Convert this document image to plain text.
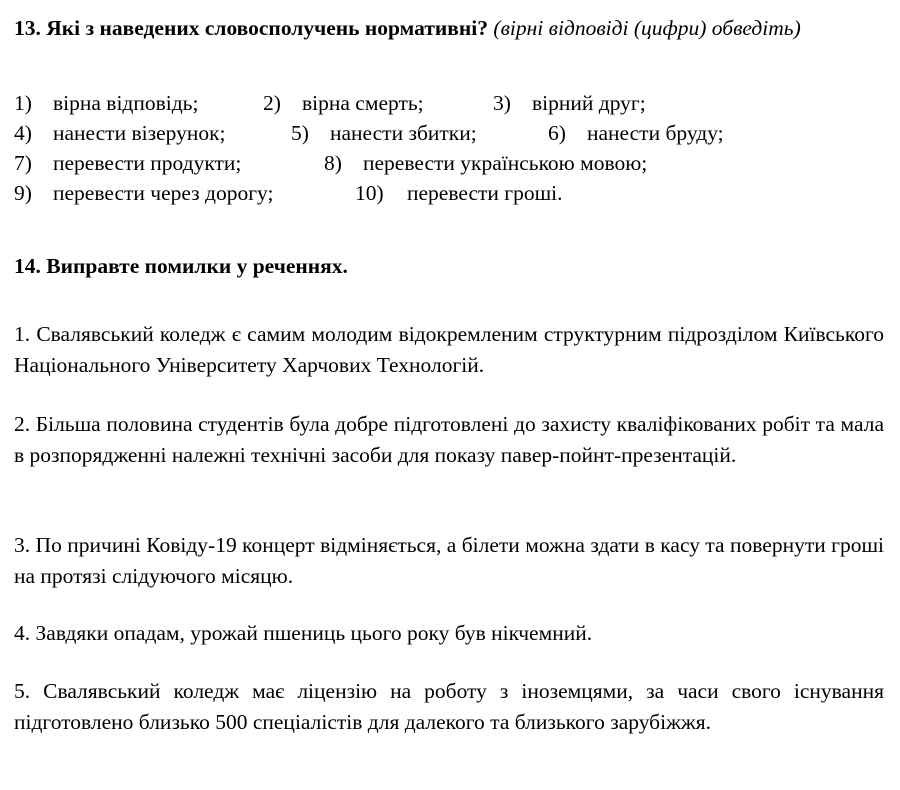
13. Які з наведених словосполучень нормативні? (вірні відповіді (цифри) обведіть)
1) вірна відповідь;	2) вірна смерть;	3) вірний друг;
4) нанести візерунок;	5) нанести збитки;	6) нанести бруду;
7) перевести продукти;	8) перевести українською мовою;
9) перевести через дорогу;	10) перевести гроші.
14. Виправте помилки у реченнях.

1. Свалявський коледж є самим молодим відокремленим структурним підрозділом Київського Національного Університету Харчових Технологій.

2. Більша половина студентів була добре підготовлені до захисту кваліфікованих робіт та мала в розпорядженні належні технічні засоби для показу павер-пойнт-презентацій.

3. По причині Ковіду-19 концерт відміняється, а білети можна здати в касу та повернути гроші на протязі слідуючого місяцю.

4. Завдяки опадам, урожай пшениць цього року був нікчемний.

5. Свалявський коледж має ліцензію на роботу з іноземцями, за часи свого існування підготовлено близько 500 спеціалістів для далекого та близького зарубіжжя.
